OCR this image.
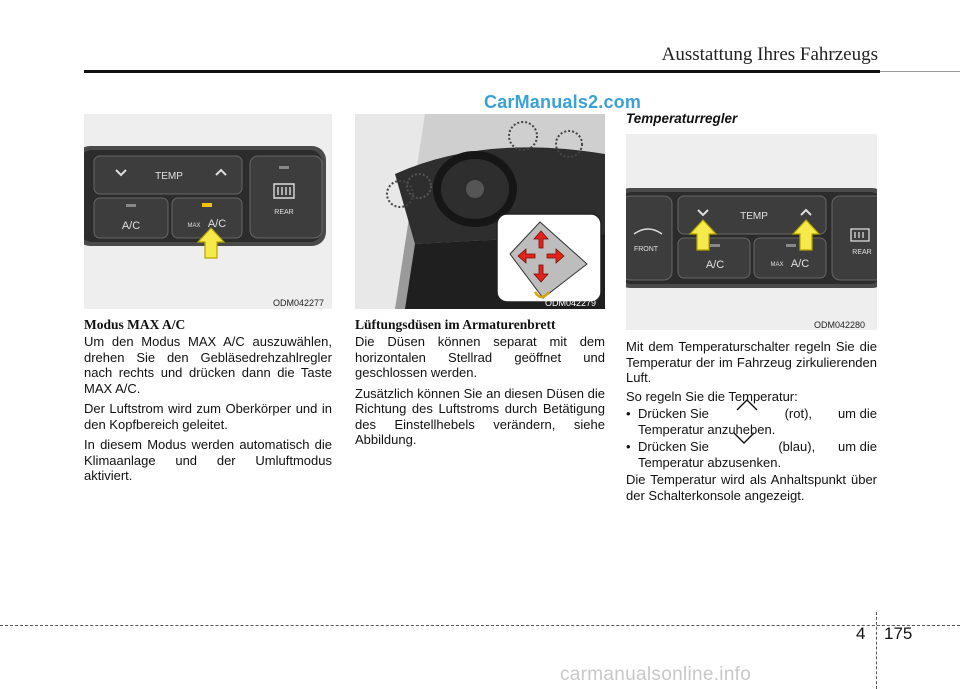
Ausstattung Ihres Fahrzeugs
CarManuals2.com
TEMP
A/C	MAX A/C
REAR
ODM042277
Modus MAX A/C

Um den Modus MAX A/C auszuwählen, drehen Sie den Gebläsedrehzahlregler nach rechts und drücken dann die Taste MAX A/C.

Der Luftstrom wird zum Oberkörper und in den Kopfbereich geleitet.

In diesem Modus werden automatisch die Klimaanlage und der Umluftmodus aktiviert.

ODM042279
Lüftungsdüsen im Armaturenbrett

Die Düsen können separat mit dem horizontalen Stellrad geöffnet und geschlossen werden.

Zusätzlich können Sie an diesen Düsen die Richtung des Luftstroms durch Betätigung des Einstellhebels verändern, siehe Abbildung.

Temperaturregler
FRONT
TEMP
A/C	MAX A/C
REAR
ODM042280

Mit dem Temperaturschalter regeln Sie die Temperatur der im Fahrzeug zirkulierenden Luft.

So regeln Sie die Temperatur:

• Drücken Sie	(rot), um die
Temperatur anzuheben.
• Drücken Sie	(blau), um die
Temperatur abzusenken.

Die Temperatur wird als Anhaltspunkt über der Schalterkonsole angezeigt.

4 175
carmanualsonline.info
